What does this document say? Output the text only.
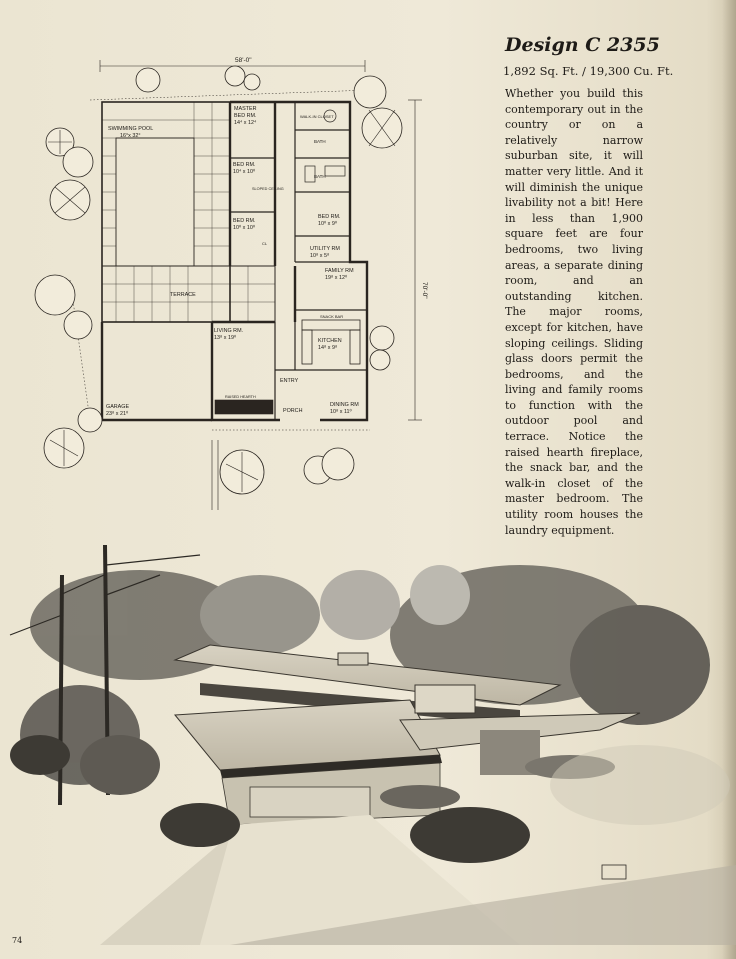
58'-0"
70'-0"
SWIMMING POOL
16°x 32°
MASTER
BED RM.
14⁴ x 12⁴
WALK-IN CLOSET
BATH
BATH
BED RM.
10⁴ x 10⁰
BED RM.
10⁰ x 10⁰
BED RM.
10⁰ x 9⁰
UTILITY RM
10⁸ x 5⁸
FAMILY RM
19⁸ x 12⁰
TERRACE
LIVING RM.
13⁸ x 19⁰	KITCHEN
14⁸ x 9⁸
SNACK BAR
ENTRY
PORCH
DINING RM
10⁸ x 11⁰
GARAGE
23⁸ x 21⁰
RAISED HEARTH
SLOPED CEILING
CL
Design C 2355
1,892 Sq. Ft. / 19,300 Cu. Ft.
Whether you build this contemporary out in the country or on a relatively narrow suburban site, it will matter very little. And it will diminish the unique livability not a bit! Here in less than 1,900 square feet are four bedrooms, two living areas, a separate dining room, and an outstanding kitchen. The major rooms, except for kitchen, have sloping ceilings. Sliding glass doors permit the bedrooms, and the living and family rooms to function with the outdoor pool and terrace. Notice the raised hearth fireplace, the snack bar, and the walk-in closet of the master bedroom. The utility room houses the laundry equipment.
74
